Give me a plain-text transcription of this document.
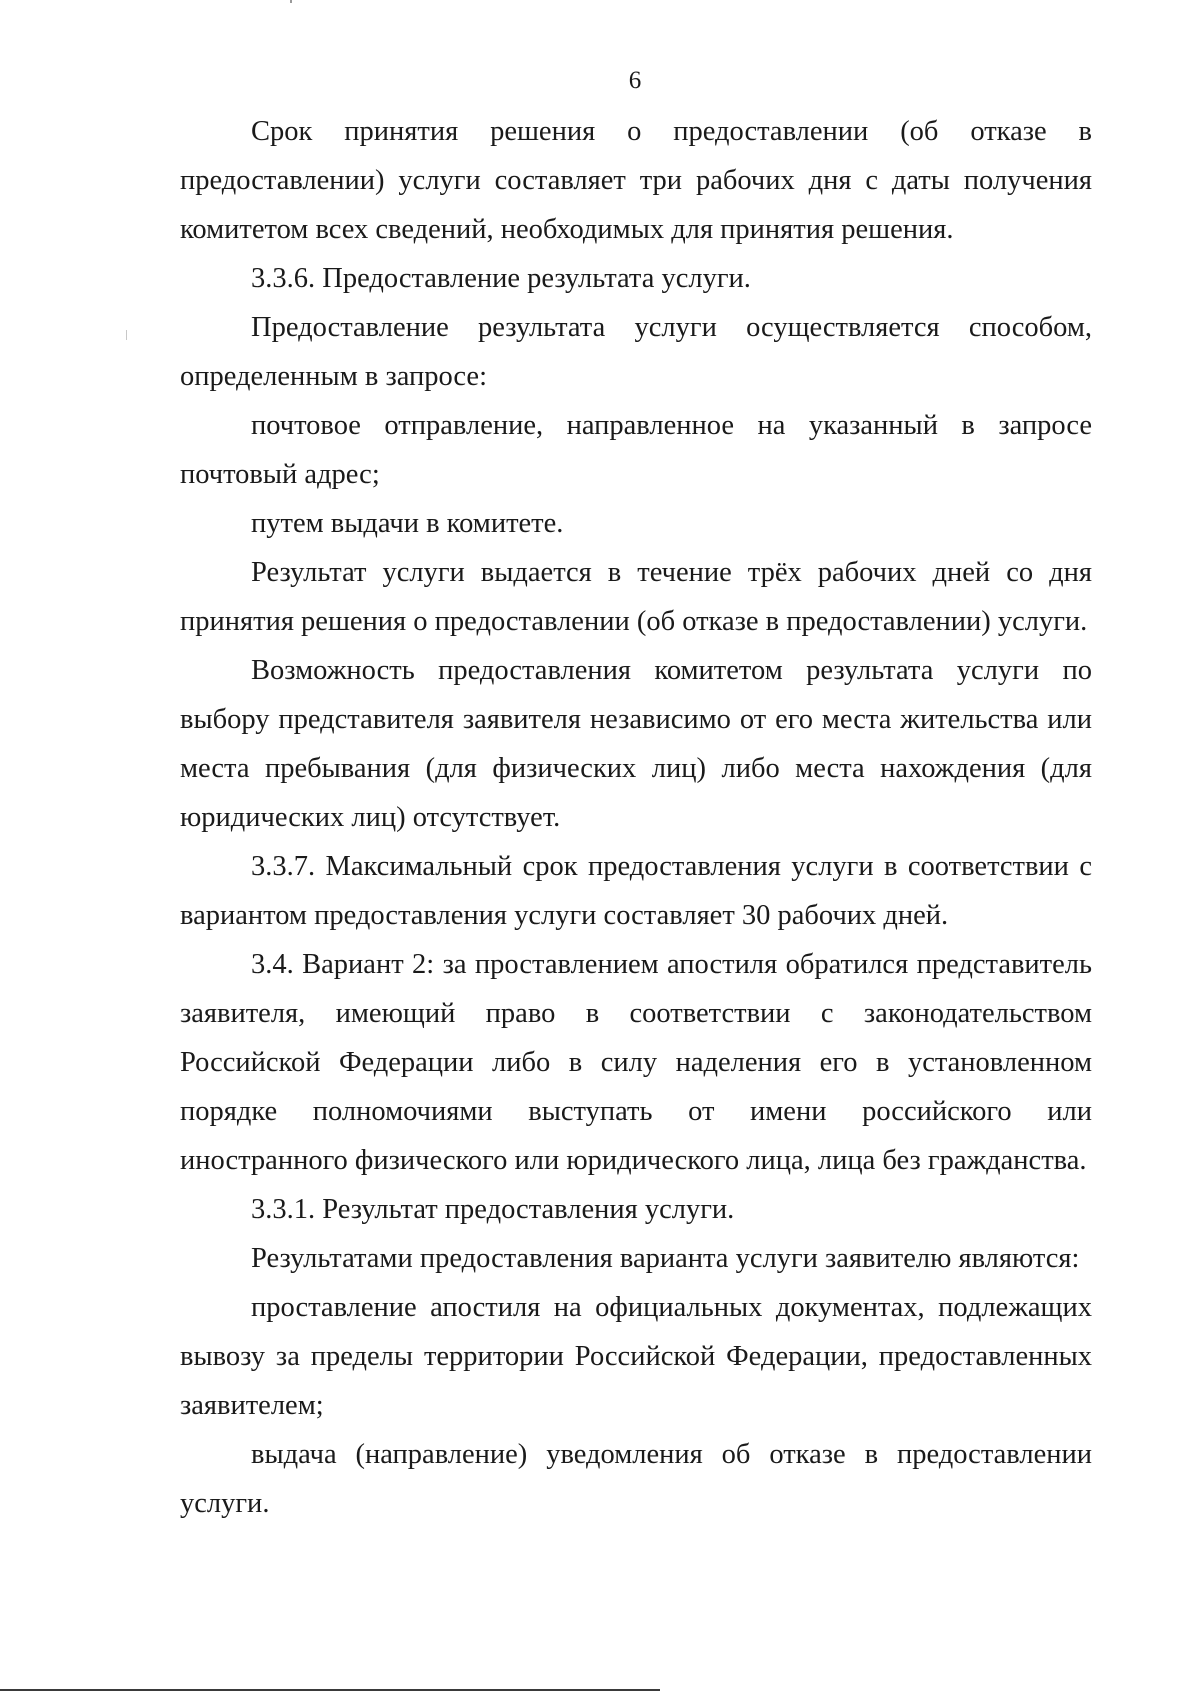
6

Срок принятия решения о предоставлении (об отказе в предоставлении) услуги составляет три рабочих дня с даты получения комитетом всех сведений, необходимых для принятия решения.

3.3.6. Предоставление результата услуги.

Предоставление результата услуги осуществляется способом, определенным в запросе:

почтовое отправление, направленное на указанный в запросе почтовый адрес;

путем выдачи в комитете.

Результат услуги выдается в течение трёх рабочих дней со дня принятия решения о предоставлении (об отказе в предоставлении) услуги.

Возможность предоставления комитетом результата услуги по выбору представителя заявителя независимо от его места жительства или места пребывания (для физических лиц) либо места нахождения (для юридических лиц) отсутствует.

3.3.7. Максимальный срок предоставления услуги в соответствии с вариантом предоставления услуги составляет 30 рабочих дней.

3.4. Вариант 2: за проставлением апостиля обратился представитель заявителя, имеющий право в соответствии с законодательством Российской Федерации либо в силу наделения его в установленном порядке полномочиями выступать от имени российского или иностранного физического или юридического лица, лица без гражданства.

3.3.1. Результат предоставления услуги.

Результатами предоставления варианта услуги заявителю являются:

проставление апостиля на официальных документах, подлежащих вывозу за пределы территории Российской Федерации, предоставленных заявителем;

выдача (направление) уведомления об отказе в предоставлении услуги.
